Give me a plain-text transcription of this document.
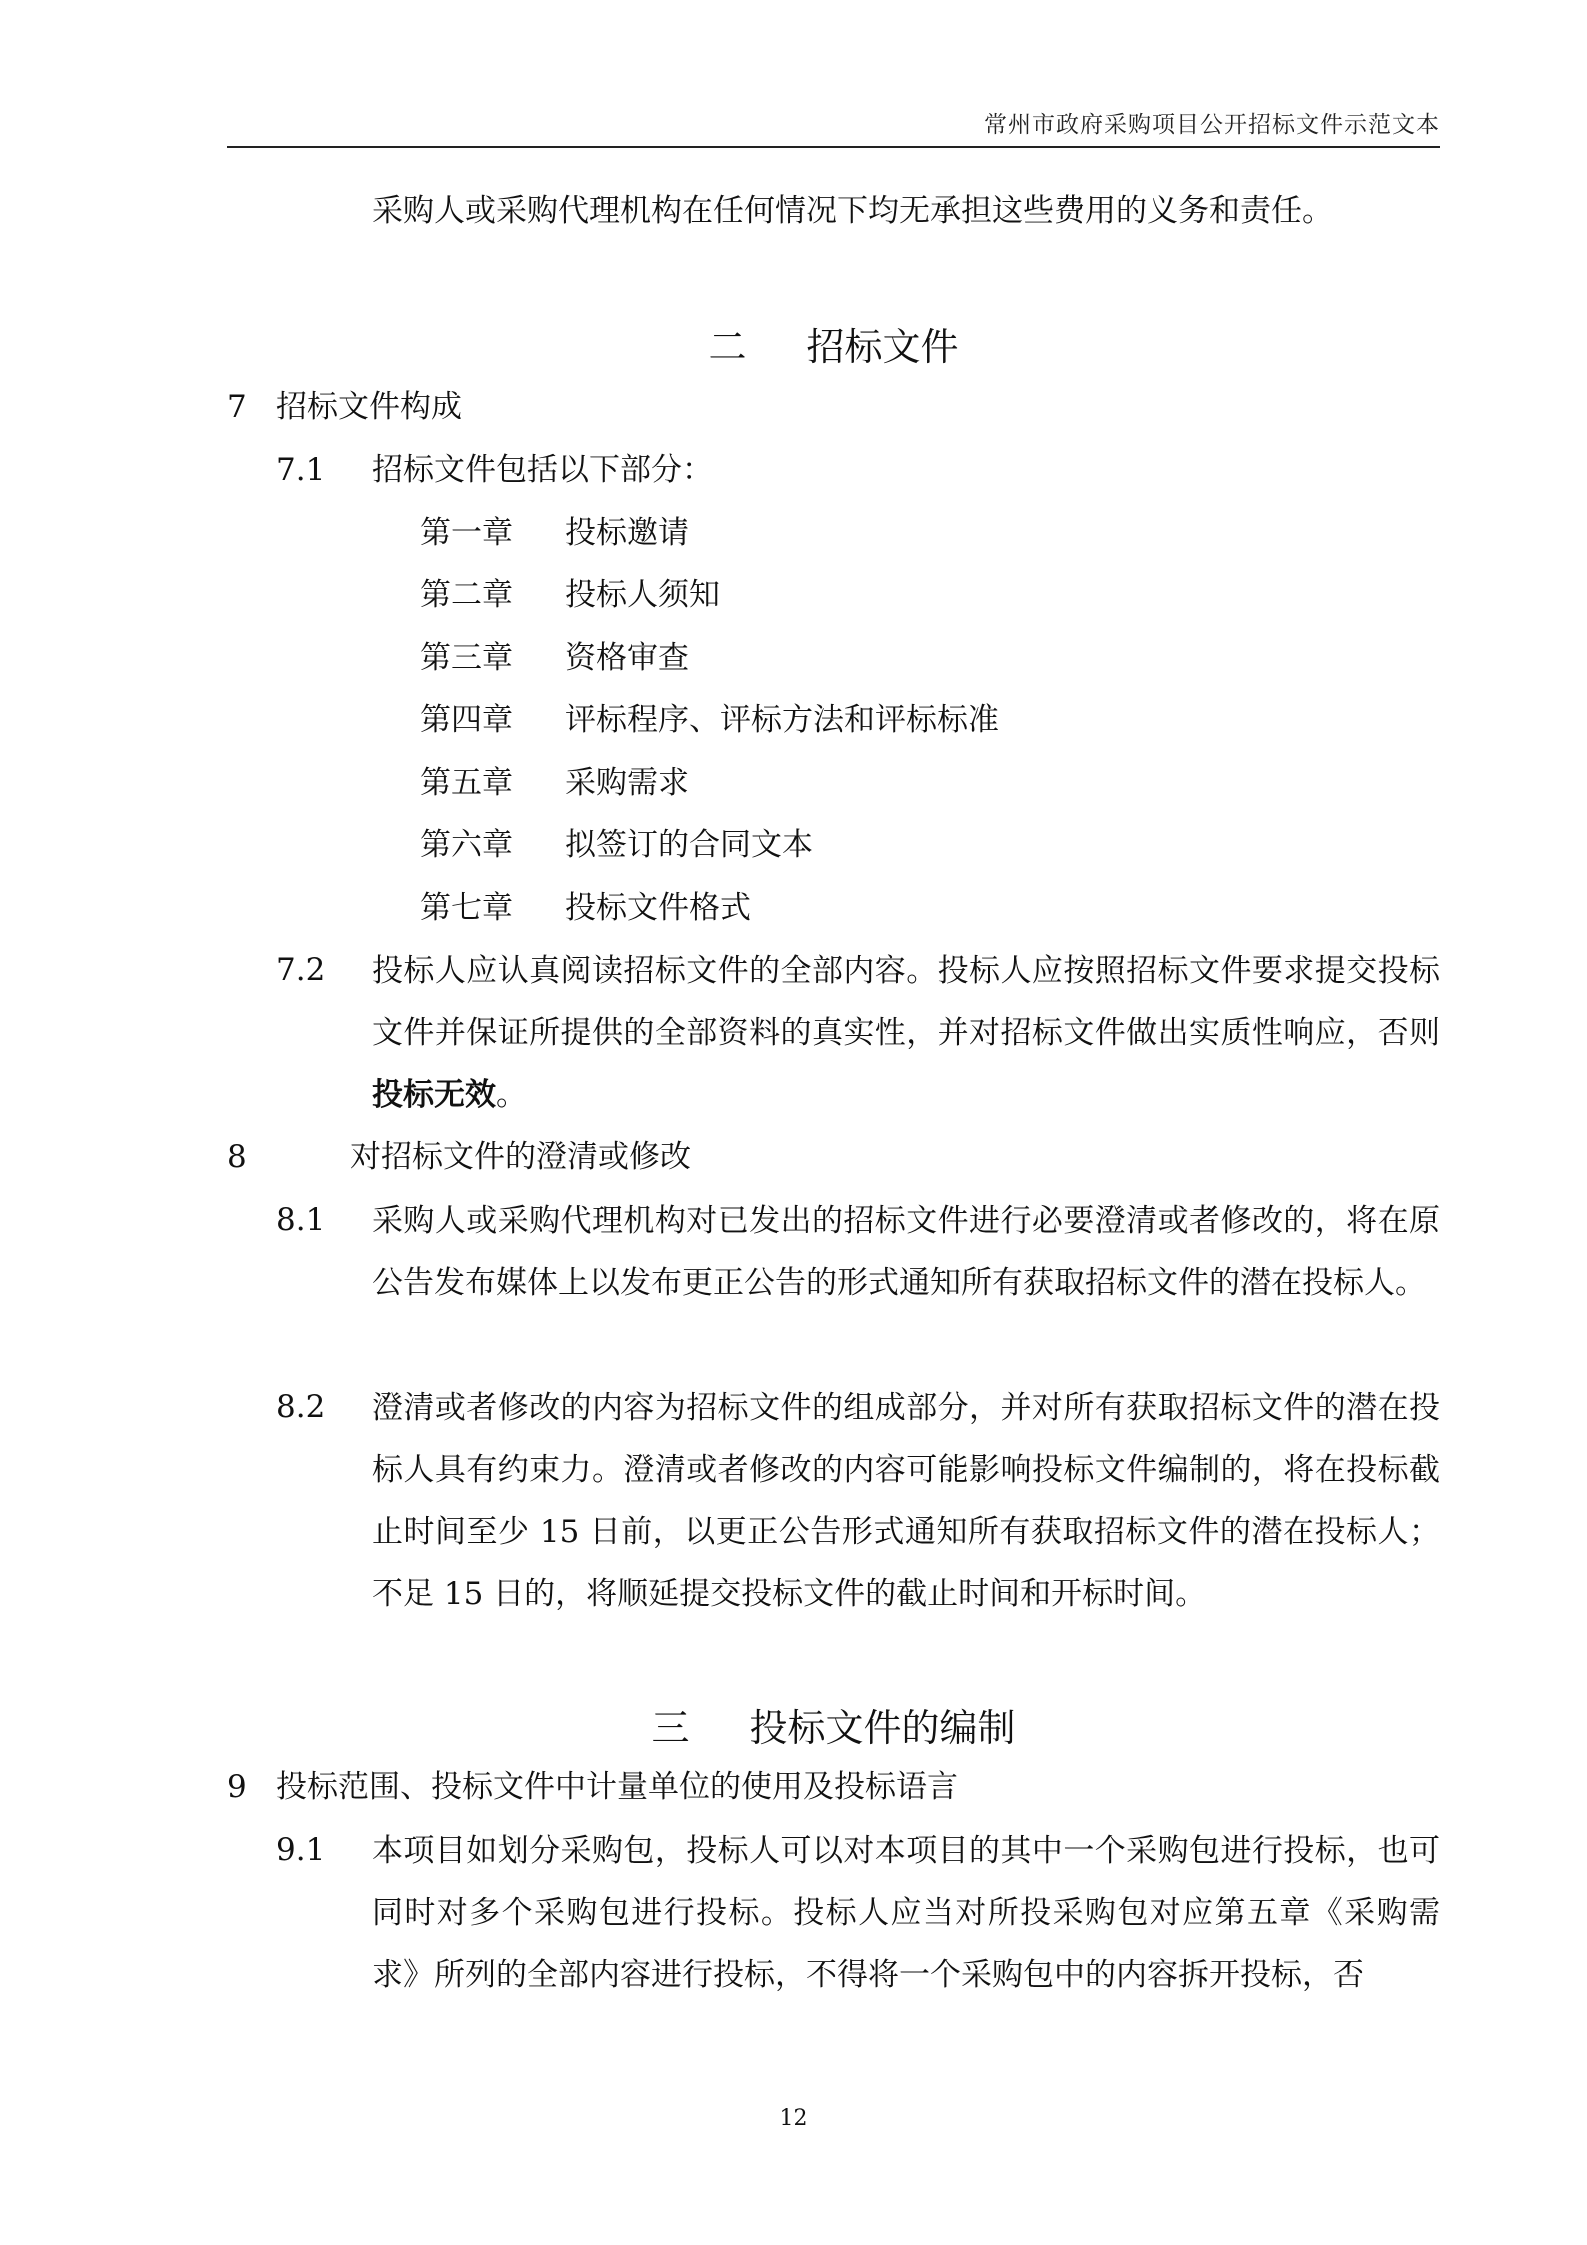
常州市政府采购项目公开招标文件示范文本
采购人或采购代理机构在任何情况下均无承担这些费用的义务和责任。
二 招标文件
7 招标文件构成
7.1 招标文件包括以下部分：
第一章 投标邀请
第二章 投标人须知
第三章 资格审查
第四章 评标程序、评标方法和评标标准
第五章 采购需求
第六章 拟签订的合同文本
第七章 投标文件格式
7.2 投标人应认真阅读招标文件的全部内容。投标人应按照招标文件要求提交投标文件并保证所提供的全部资料的真实性，并对招标文件做出实质性响应，否则投标无效。
8	对招标文件的澄清或修改
8.1 采购人或采购代理机构对已发出的招标文件进行必要澄清或者修改的，将在原公告发布媒体上以发布更正公告的形式通知所有获取招标文件的潜在投标人。
8.2 澄清或者修改的内容为招标文件的组成部分，并对所有获取招标文件的潜在投标人具有约束力。澄清或者修改的内容可能影响投标文件编制的，将在投标截止时间至少 15 日前，以更正公告形式通知所有获取招标文件的潜在投标人；不足 15 日的，将顺延提交投标文件的截止时间和开标时间。
三 投标文件的编制
9 投标范围、投标文件中计量单位的使用及投标语言
9.1 本项目如划分采购包，投标人可以对本项目的其中一个采购包进行投标，也可同时对多个采购包进行投标。投标人应当对所投采购包对应第五章《采购需求》所列的全部内容进行投标，不得将一个采购包中的内容拆开投标，否
12
